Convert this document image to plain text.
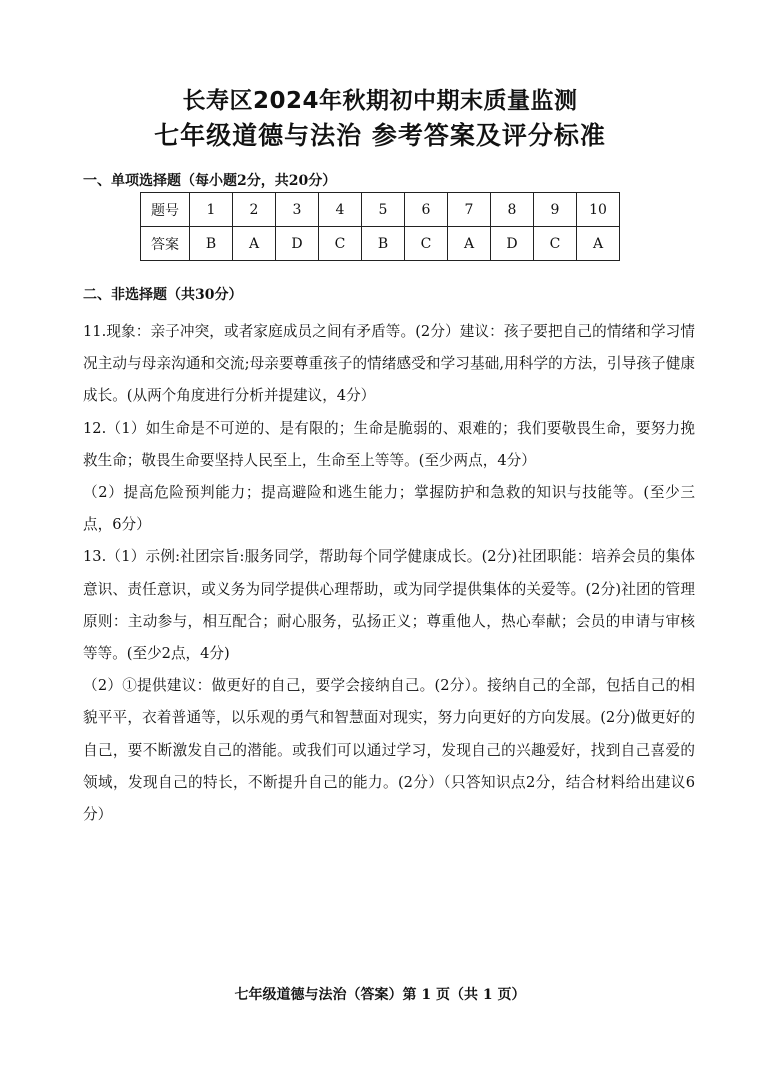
长寿区2024年秋期初中期末质量监测
七年级道德与法治 参考答案及评分标准
一、单项选择题（每小题2分，共20分）
题号	1	2	3	4	5	6	7	8	9	10
答案	B	A	D	C	B	C	A	D	C	A
二、非选择题（共30分）

11.现象：亲子冲突，或者家庭成员之间有矛盾等。(2分）建议：孩子要把自己的情绪和学习情况主动与母亲沟通和交流;母亲要尊重孩子的情绪感受和学习基础,用科学的方法，引导孩子健康成长。(从两个角度进行分析并提建议，4分）

12.（1）如生命是不可逆的、是有限的；生命是脆弱的、艰难的；我们要敬畏生命，要努力挽救生命；敬畏生命要坚持人民至上，生命至上等等。(至少两点，4分）

（2）提高危险预判能力；提高避险和逃生能力；掌握防护和急救的知识与技能等。(至少三点，6分）

13.（1）示例:社团宗旨:服务同学，帮助每个同学健康成长。(2分)社团职能：培养会员的集体意识、责任意识，或义务为同学提供心理帮助，或为同学提供集体的关爱等。(2分)社团的管理原则：主动参与，相互配合；耐心服务，弘扬正义；尊重他人，热心奉献；会员的申请与审核等等。(至少2点，4分)

（2）①提供建议：做更好的自己，要学会接纳自己。(2分）。接纳自己的全部，包括自己的相貌平平，衣着普通等，以乐观的勇气和智慧面对现实，努力向更好的方向发展。(2分)做更好的自己，要不断激发自己的潜能。或我们可以通过学习，发现自己的兴趣爱好，找到自己喜爱的领域，发现自己的特长，不断提升自己的能力。(2分）（只答知识点2分，结合材料给出建议6分）

七年级道德与法治（答案）第 1 页（共 1 页）
